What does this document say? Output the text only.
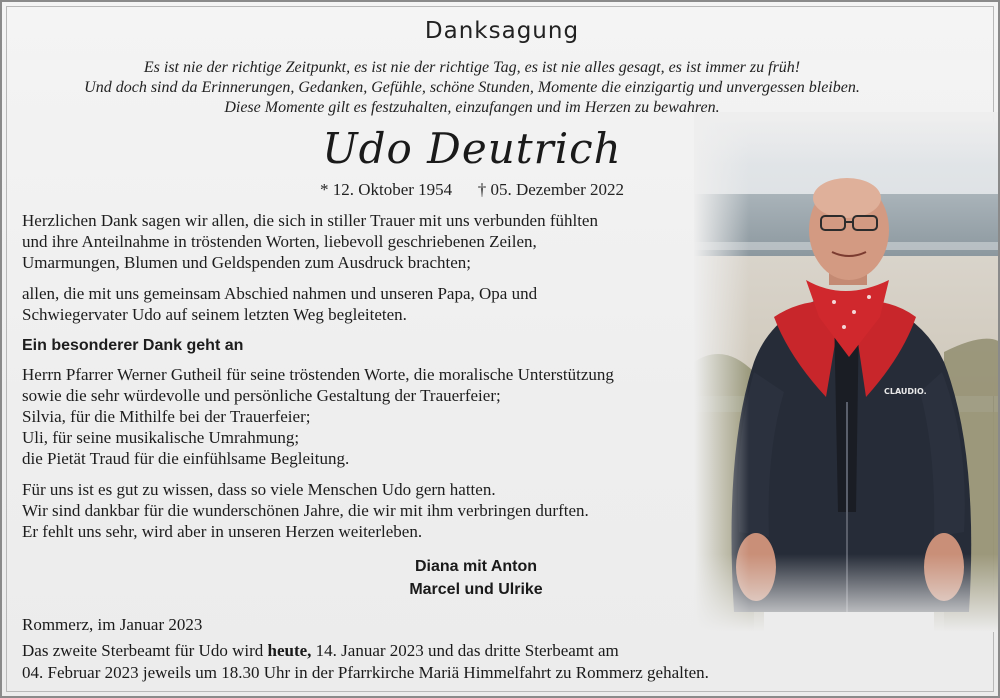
CLAUDIO.
Danksagung
Es ist nie der richtige Zeitpunkt, es ist nie der richtige Tag, es ist nie alles gesagt, es ist immer zu früh!
Und doch sind da Erinnerungen, Gedanken, Gefühle, schöne Stunden, Momente die einzigartig und unvergessen bleiben.
Diese Momente gilt es festzuhalten, einzufangen und im Herzen zu bewahren.
Udo Deutrich
* 12. Oktober 1954 † 05. Dezember 2022
Herzlichen Dank sagen wir allen, die sich in stiller Trauer mit uns verbunden fühlten
und ihre Anteilnahme in tröstenden Worten, liebevoll geschriebenen Zeilen,
Umarmungen, Blumen und Geldspenden zum Ausdruck brachten;
allen, die mit uns gemeinsam Abschied nahmen und unseren Papa, Opa und
Schwiegervater Udo auf seinem letzten Weg begleiteten.
Ein besonderer Dank geht an
Herrn Pfarrer Werner Gutheil für seine tröstenden Worte, die moralische Unterstützung
sowie die sehr würdevolle und persönliche Gestaltung der Trauerfeier;
Silvia, für die Mithilfe bei der Trauerfeier;
Uli, für seine musikalische Umrahmung;
die Pietät Traud für die einfühlsame Begleitung.
Für uns ist es gut zu wissen, dass so viele Menschen Udo gern hatten.
Wir sind dankbar für die wunderschönen Jahre, die wir mit ihm verbringen durften.
Er fehlt uns sehr, wird aber in unseren Herzen weiterleben.
Diana mit Anton
Marcel und Ulrike
Rommerz, im Januar 2023
Das zweite Sterbeamt für Udo wird heute, 14. Januar 2023 und das dritte Sterbeamt am
04. Februar 2023 jeweils um 18.30 Uhr in der Pfarrkirche Mariä Himmelfahrt zu Rommerz gehalten.
